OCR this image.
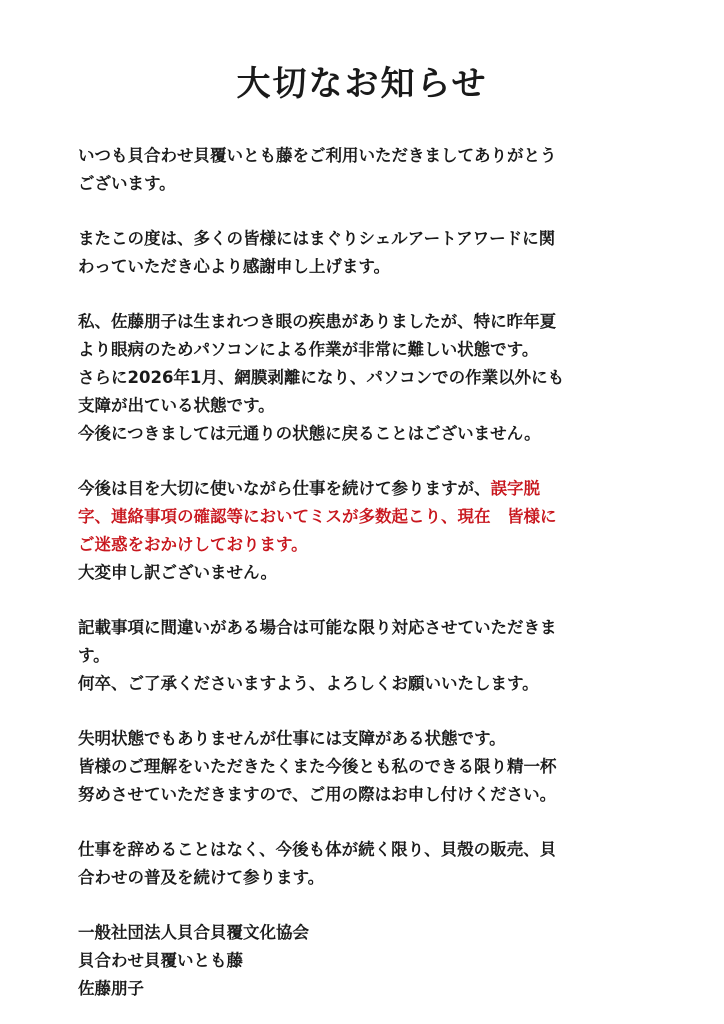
大切なお知らせ

いつも貝合わせ貝覆いとも藤をご利用いただきましてありがとう
ございます。

またこの度は、多くの皆様にはまぐりシェルアートアワードに関
わっていただき心より感謝申し上げます。

私、佐藤朋子は生まれつき眼の疾患がありましたが、特に昨年夏
より眼病のためパソコンによる作業が非常に難しい状態です。
さらに2026年1月、網膜剥離になり、パソコンでの作業以外にも
支障が出ている状態です。
今後につきましては元通りの状態に戻ることはございません。

今後は目を大切に使いながら仕事を続けて参りますが、誤字脱
字、連絡事項の確認等においてミスが多数起こり、現在　皆様に
ご迷惑をおかけしております。
大変申し訳ございません。

記載事項に間違いがある場合は可能な限り対応させていただきま
す。
何卒、ご了承くださいますよう、よろしくお願いいたします。

失明状態でもありませんが仕事には支障がある状態です。
皆様のご理解をいただきたくまた今後とも私のできる限り精一杯
努めさせていただきますので、ご用の際はお申し付けください。

仕事を辞めることはなく、今後も体が続く限り、貝殻の販売、貝
合わせの普及を続けて参ります。

一般社団法人貝合貝覆文化協会
貝合わせ貝覆いとも藤
佐藤朋子
